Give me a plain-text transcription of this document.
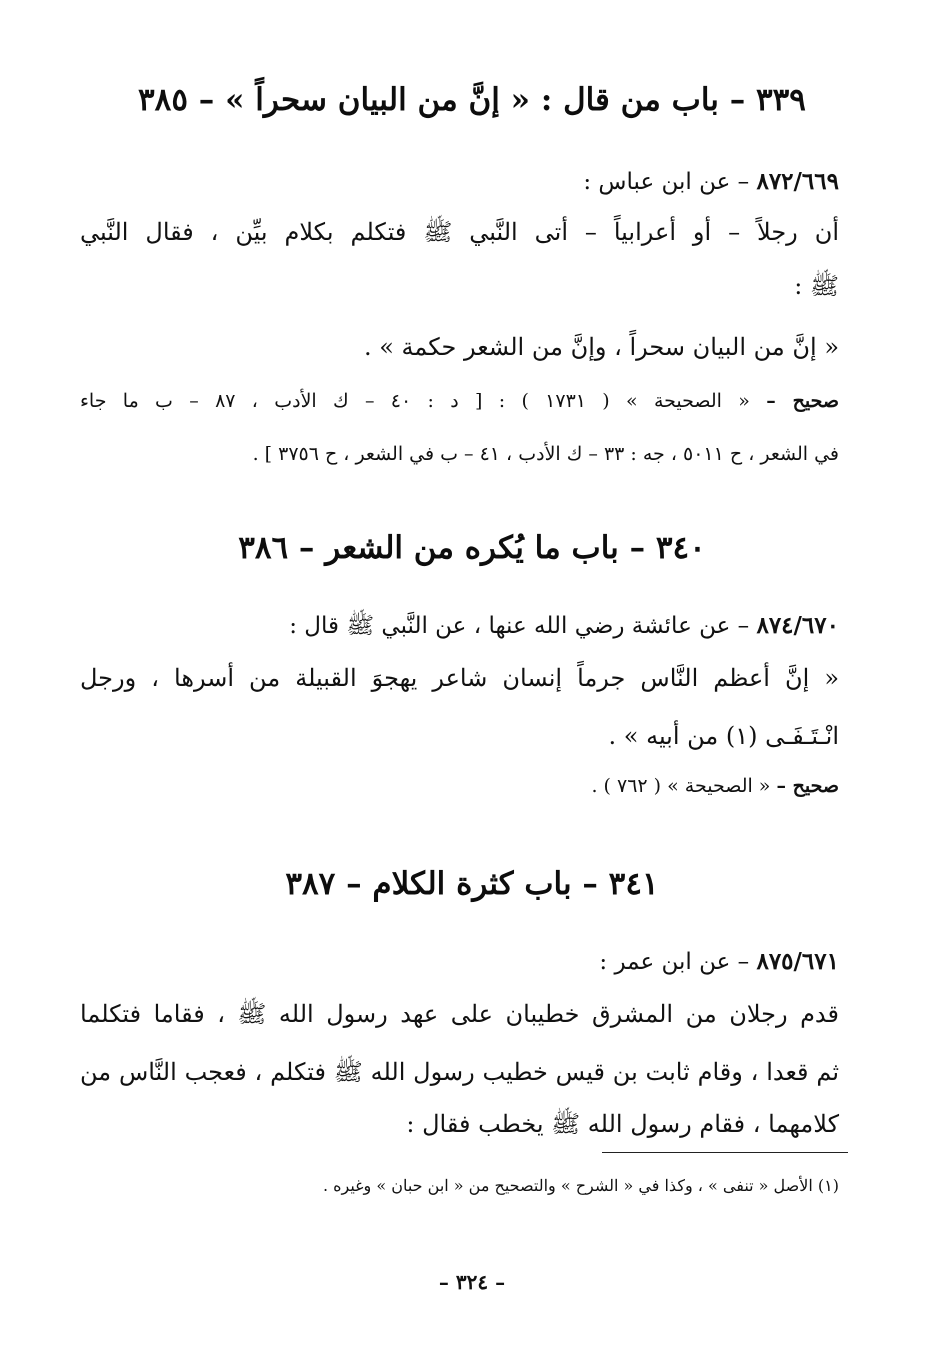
٣٣٩ – باب من قال : « إنَّ من البيان سحراً » – ٣٨٥
٨٧٢/٦٦٩ – عن ابن عباس :
أن رجلاً – أو أعرابياً – أتى النَّبي ﷺ فتكلم بكلام بيِّن ، فقال النَّبي
ﷺ :
« إنَّ من البيان سحراً ، وإنَّ من الشعر حكمة » .
صحيح – « الصحيحة » ( ١٧٣١ ) : [ د : ٤٠ – ك الأدب ، ٨٧ – ب ما جاء
في الشعر ، ح ٥٠١١ ، جه : ٣٣ – ك الأدب ، ٤١ – ب في الشعر ، ح ٣٧٥٦ ] .
٣٤٠ – باب ما يُكره من الشعر – ٣٨٦
٨٧٤/٦٧٠ – عن عائشة رضي الله عنها ، عن النَّبي ﷺ قال :
« إنَّ أعظم النَّاس جرماً إنسان شاعر يهجوَ القبيلة من أسرها ، ورجل
انْـتَـفَـى (١) من أبيه » .
صحيح – « الصحيحة » ( ٧٦٢ ) .
٣٤١ – باب كثرة الكلام – ٣٨٧
٨٧٥/٦٧١ – عن ابن عمر :
قدم رجلان من المشرق خطيبان على عهد رسول الله ﷺ ، فقاما فتكلما
ثم قعدا ، وقام ثابت بن قيس خطيب رسول الله ﷺ فتكلم ، فعجب النَّاس من
كلامهما ، فقام رسول الله ﷺ يخطب فقال :
(١) الأصل « تنفى » ، وكذا في « الشرح » والتصحيح من « ابن حبان » وغيره .
– ٣٢٤ –
